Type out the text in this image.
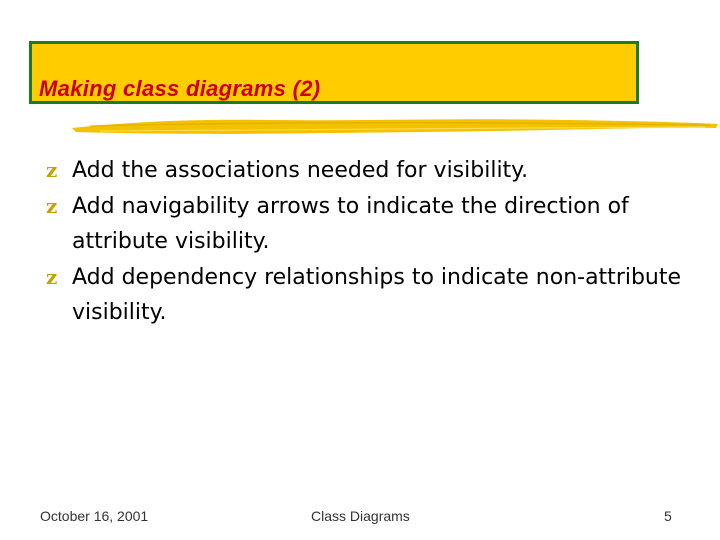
Making class diagrams (2)
z Add the associations needed for visibility.
z Add navigability arrows to indicate the direction of attribute visibility.
z Add dependency relationships to indicate non-attribute visibility.
October 16, 2001	Class Diagrams	5
